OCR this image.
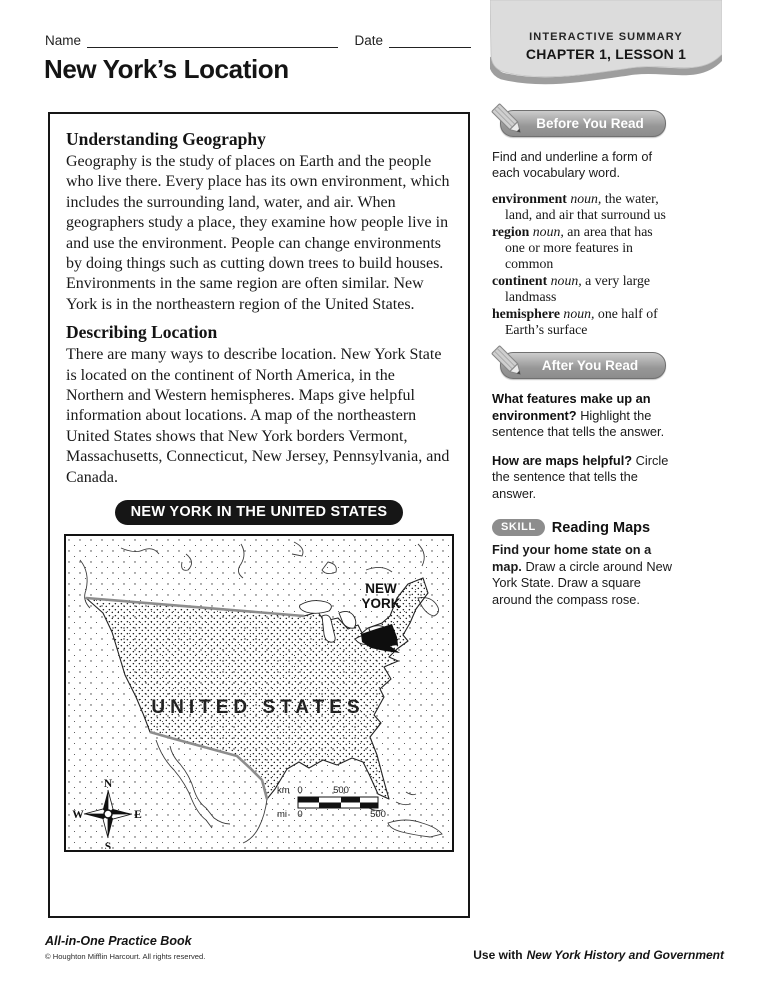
Name	Date
New York’s Location
INTERACTIVE SUMMARY
CHAPTER 1, LESSON 1
Understanding Geography

Geography is the study of places on Earth and the people who live there. Every place has its own environment, which includes the surrounding land, water, and air. When geographers study a place, they examine how people live in and use the environment. People can change environments by doing things such as cutting down trees to build houses. Environments in the same region are often similar. New York is in the northeastern region of the United States.

Describing Location

There are many ways to describe location. New York State is located on the continent of North America, in the Northern and Western hemispheres. Maps give helpful information about locations. A map of the northeastern United States shows that New York borders Vermont, Massachusetts, Connecticut, New Jersey, Pennsylvania, and Canada.

NEW YORK IN THE UNITED STATES
NEW
YORK
UNITED STATES
N
E
S
W
km 0	500
mi 0	500
Before You Read

Find and underline a form of each vocabulary word.

environment noun, the water, land, and air that surround us

region noun, an area that has one or more features in common

continent noun, a very large landmass

hemisphere noun, one half of Earth’s surface

After You Read

What features make up an environment? Highlight the sentence that tells the answer.

How are maps helpful? Circle the sentence that tells the answer.

SKILL	Reading Maps

Find your home state on a map. Draw a circle around New York State. Draw a square around the compass rose.

All-in-One Practice Book
© Houghton Mifflin Harcourt. All rights reserved.	Use with New York History and Government
